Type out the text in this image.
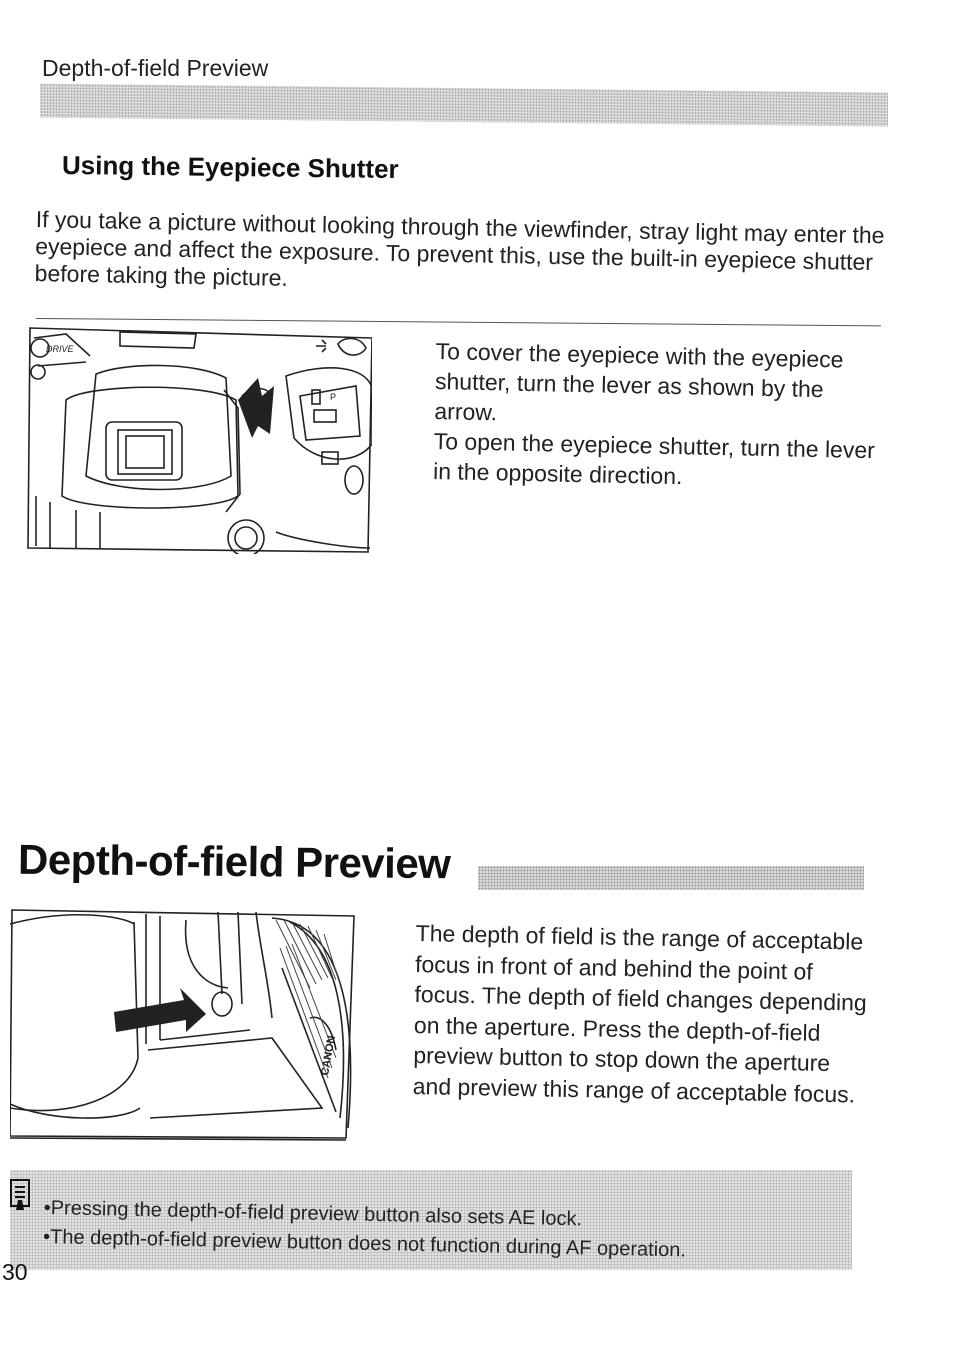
Depth-of-field Preview
Using the Eyepiece Shutter
If you take a picture without looking through the viewfinder, stray light may enter the eyepiece and affect the exposure. To prevent this, use the built-in eyepiece shutter before taking the picture.
DRIVE
P

To cover the eyepiece with the eyepiece shutter, turn the lever as shown by the arrow.

To open the eyepiece shutter, turn the lever in the opposite direction.

Depth-of-field Preview
CANON
The depth of field is the range of acceptable focus in front of and behind the point of focus. The depth of field changes depending on the aperture. Press the depth-of-field preview button to stop down the aperture and preview this range of acceptable focus.
• Pressing the depth-of-field preview button also sets AE lock.
• The depth-of-field preview button does not function during AF operation.
30
